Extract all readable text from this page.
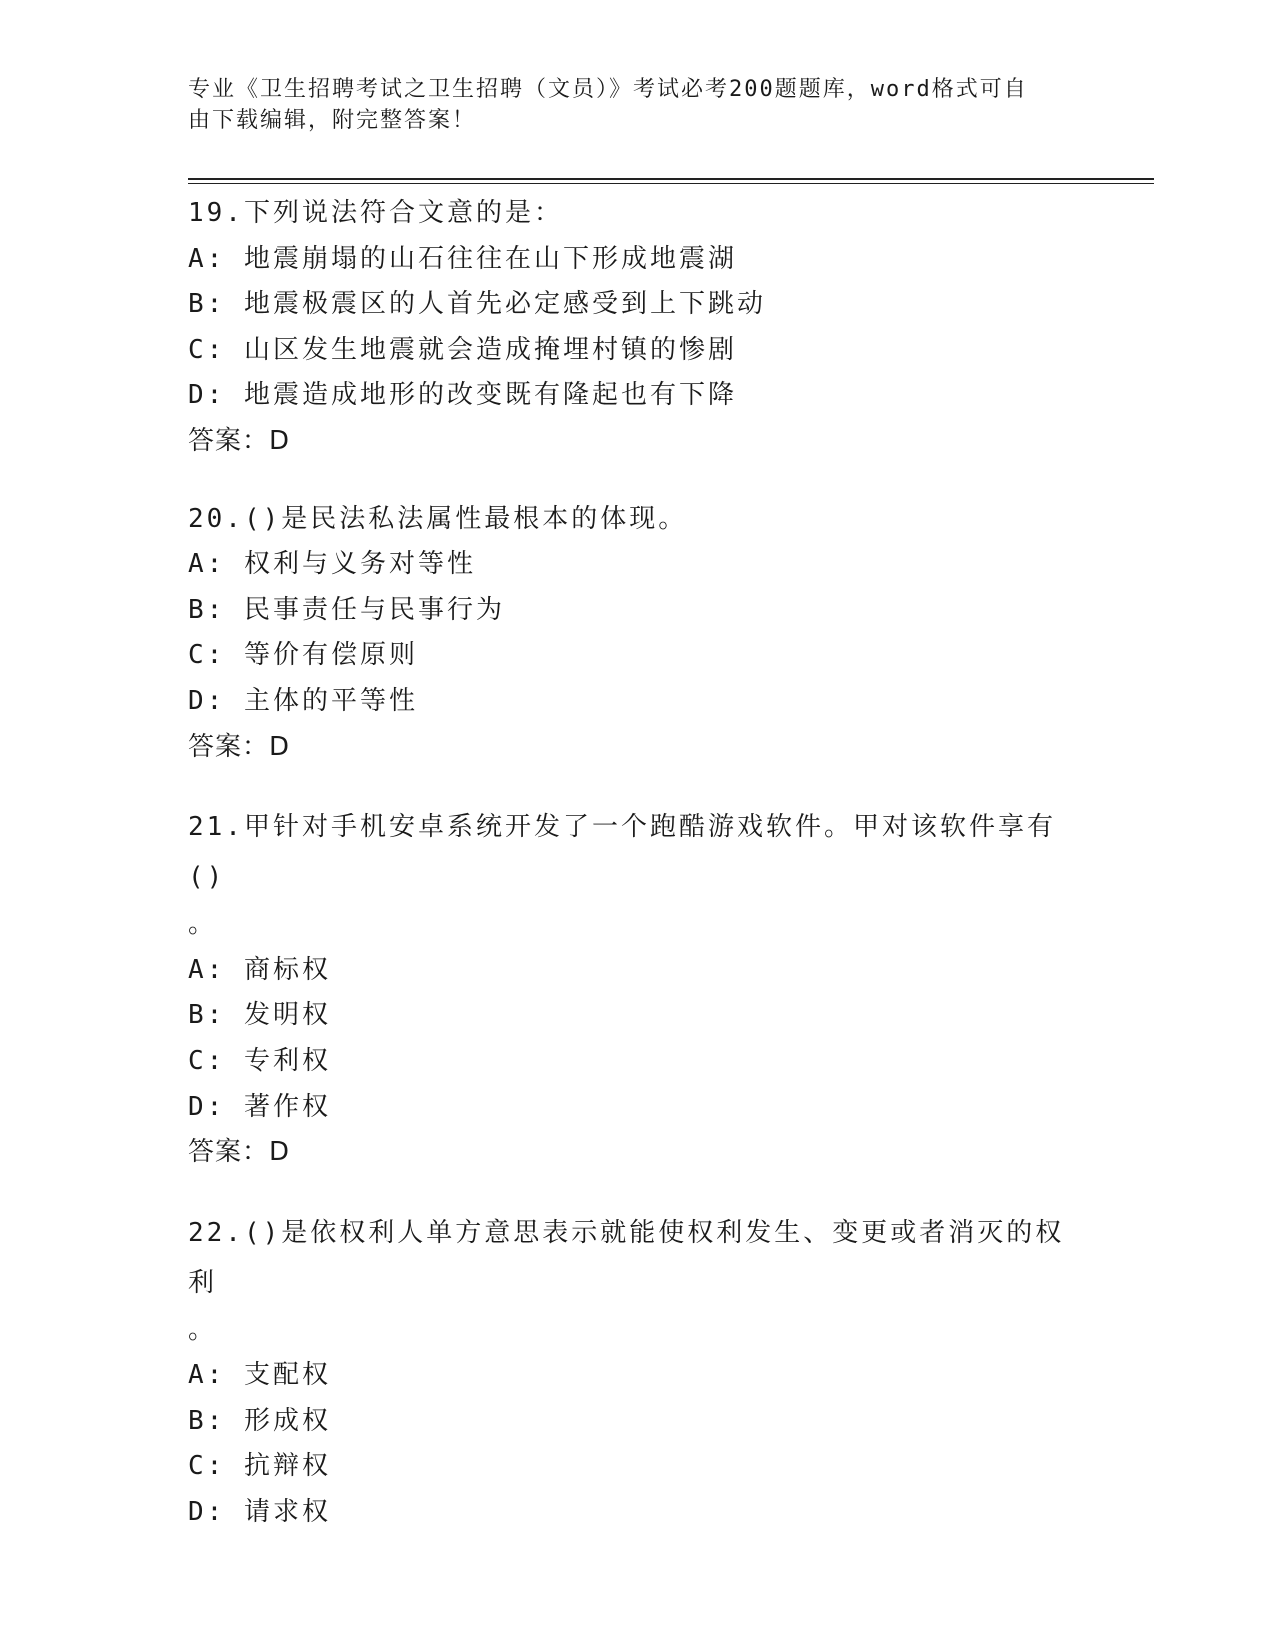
专业《卫生招聘考试之卫生招聘（文员）》考试必考200题题库，word格式可自
由下载编辑，附完整答案！
19.下列说法符合文意的是：
A: 地震崩塌的山石往往在山下形成地震湖
B: 地震极震区的人首先必定感受到上下跳动
C: 山区发生地震就会造成掩埋村镇的惨剧
D: 地震造成地形的改变既有隆起也有下降
答案：D
20.()是民法私法属性最根本的体现。
A: 权利与义务对等性
B: 民事责任与民事行为
C: 等价有偿原则
D: 主体的平等性
答案：D
21.甲针对手机安卓系统开发了一个跑酷游戏软件。甲对该软件享有()
。
A: 商标权
B: 发明权
C: 专利权
D: 著作权
答案：D
22.()是依权利人单方意思表示就能使权利发生、变更或者消灭的权利
。
A: 支配权
B: 形成权
C: 抗辩权
D: 请求权
